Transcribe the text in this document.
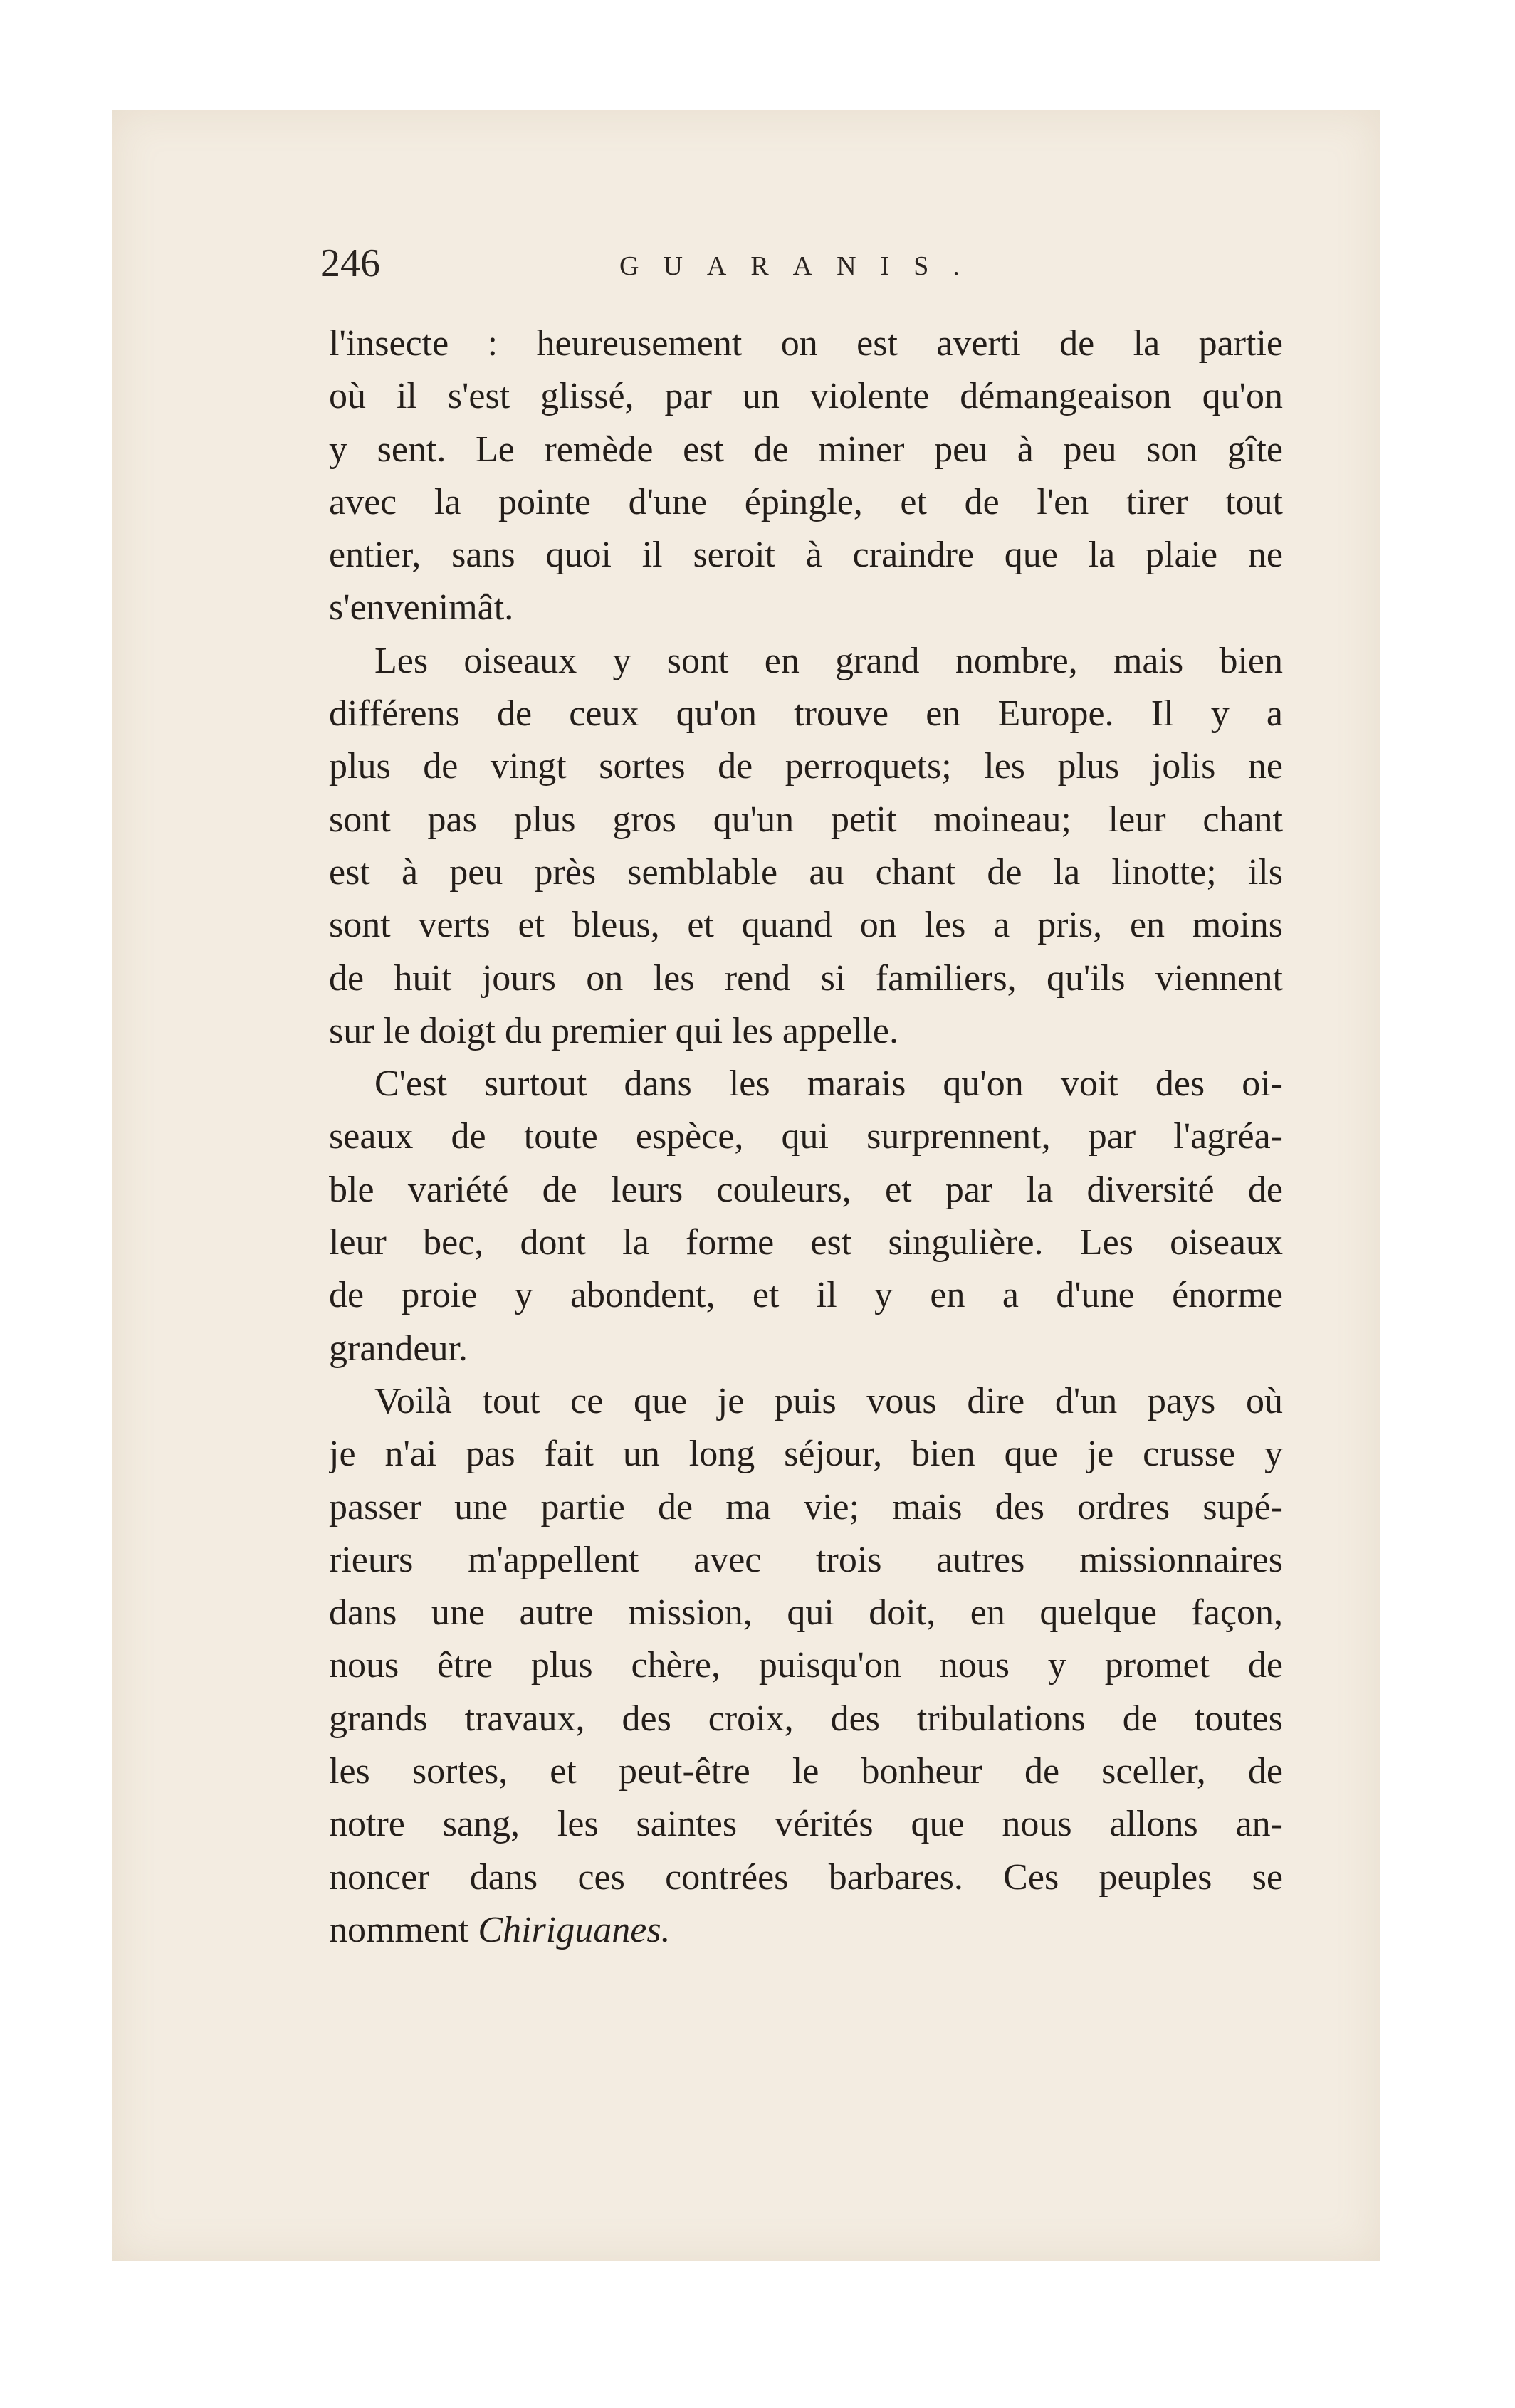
246	GUARANIS.
l'insecte : heureusement on est averti de la partie
où il s'est glissé, par un violente démangeaison qu'on
y sent. Le remède est de miner peu à peu son gîte
avec la pointe d'une épingle, et de l'en tirer tout
entier, sans quoi il seroit à craindre que la plaie ne
s'envenimât.
Les oiseaux y sont en grand nombre, mais bien
différens de ceux qu'on trouve en Europe. Il y a
plus de vingt sortes de perroquets; les plus jolis ne
sont pas plus gros qu'un petit moineau; leur chant
est à peu près semblable au chant de la linotte; ils
sont verts et bleus, et quand on les a pris, en moins
de huit jours on les rend si familiers, qu'ils viennent
sur le doigt du premier qui les appelle.
C'est surtout dans les marais qu'on voit des oi-
seaux de toute espèce, qui surprennent, par l'agréa-
ble variété de leurs couleurs, et par la diversité de
leur bec, dont la forme est singulière. Les oiseaux
de proie y abondent, et il y en a d'une énorme
grandeur.
Voilà tout ce que je puis vous dire d'un pays où
je n'ai pas fait un long séjour, bien que je crusse y
passer une partie de ma vie; mais des ordres supé-
rieurs m'appellent avec trois autres missionnaires
dans une autre mission, qui doit, en quelque façon,
nous être plus chère, puisqu'on nous y promet de
grands travaux, des croix, des tribulations de toutes
les sortes, et peut-être le bonheur de sceller, de
notre sang, les saintes vérités que nous allons an-
noncer dans ces contrées barbares. Ces peuples se
nomment Chiriguanes.
